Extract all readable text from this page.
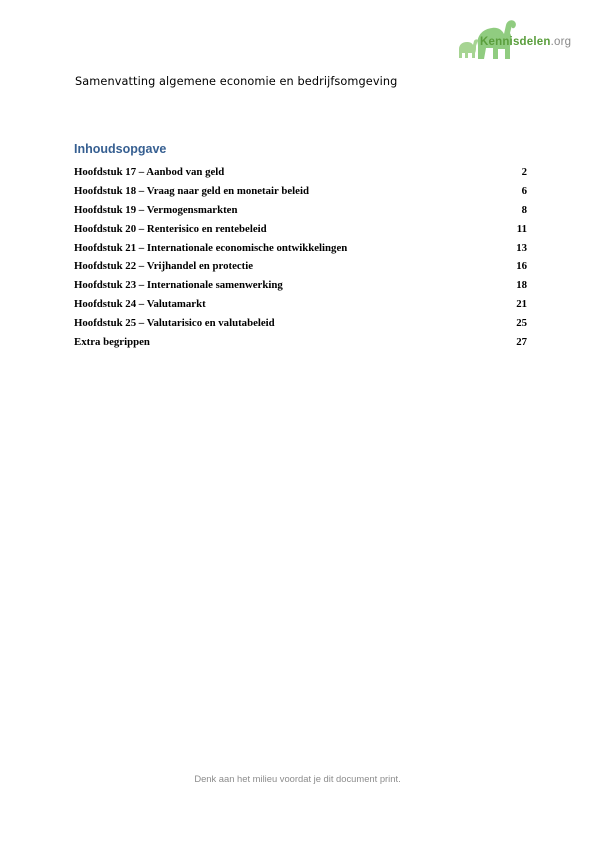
Kennisdelen.org
Samenvatting algemene economie en bedrijfsomgeving
Inhoudsopgave
Hoofdstuk 17 – Aanbod van geld	2
Hoofdstuk 18 – Vraag naar geld en monetair beleid	6
Hoofdstuk 19 – Vermogensmarkten	8
Hoofdstuk 20 – Renterisico en rentebeleid	11
Hoofdstuk 21 – Internationale economische ontwikkelingen	13
Hoofdstuk 22 – Vrijhandel en protectie	16
Hoofdstuk 23 – Internationale samenwerking	18
Hoofdstuk 24 – Valutamarkt	21
Hoofdstuk 25 – Valutarisico en valutabeleid	25
Extra begrippen	27
Denk aan het milieu voordat je dit document print.
